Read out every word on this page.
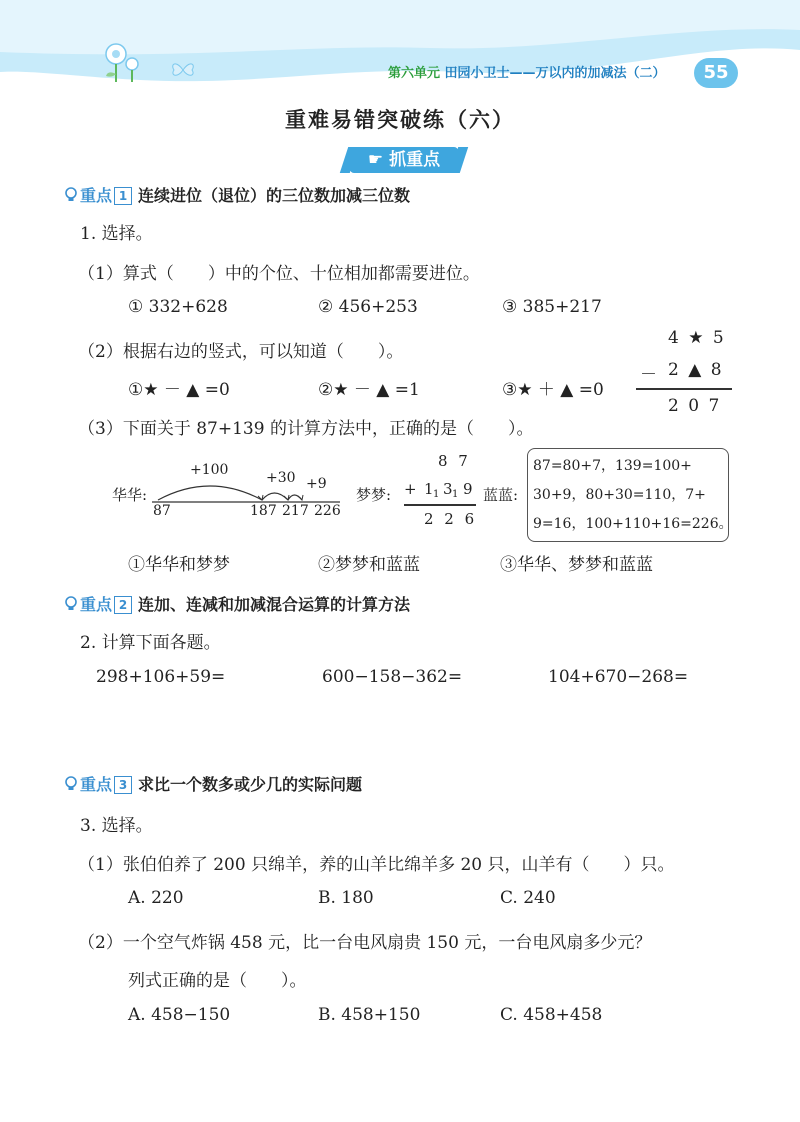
第六单元 田园小卫士——万以内的加减法（二）	55
重难易错突破练（六）
☛ 抓重点
重点 1 连续进位（退位）的三位数加减三位数
1. 选择。
（1）算式（　　）中的个位、十位相加都需要进位。
① 332+628	② 456+253	③ 385+217
（2）根据右边的竖式，可以知道（　　）。
①★ － ▲ =0	②★ － ▲ =1	③★ ＋ ▲ =0
4 ★ 5
－ 2 ▲ 8
2 0 7
（3）下面关于 87+139 的计算方法中，正确的是（　　）。
华华:
+100	+30 +9
87	187 217 226
梦梦:
8 7
+ 1 1 3 1 9
2 2 6
蓝蓝:
87=80+7，139=100+
30+9，80+30=110，7+
9=16，100+110+16=226。
①华华和梦梦	②梦梦和蓝蓝	③华华、梦梦和蓝蓝
重点 2 连加、连减和加减混合运算的计算方法
2. 计算下面各题。
298+106+59=	600−158−362=	104+670−268=
重点 3 求比一个数多或少几的实际问题
3. 选择。
（1）张伯伯养了 200 只绵羊，养的山羊比绵羊多 20 只，山羊有（　　）只。
A. 220	B. 180	C. 240
（2）一个空气炸锅 458 元，比一台电风扇贵 150 元，一台电风扇多少元？
列式正确的是（　　）。
A. 458−150	B. 458+150	C. 458+458
